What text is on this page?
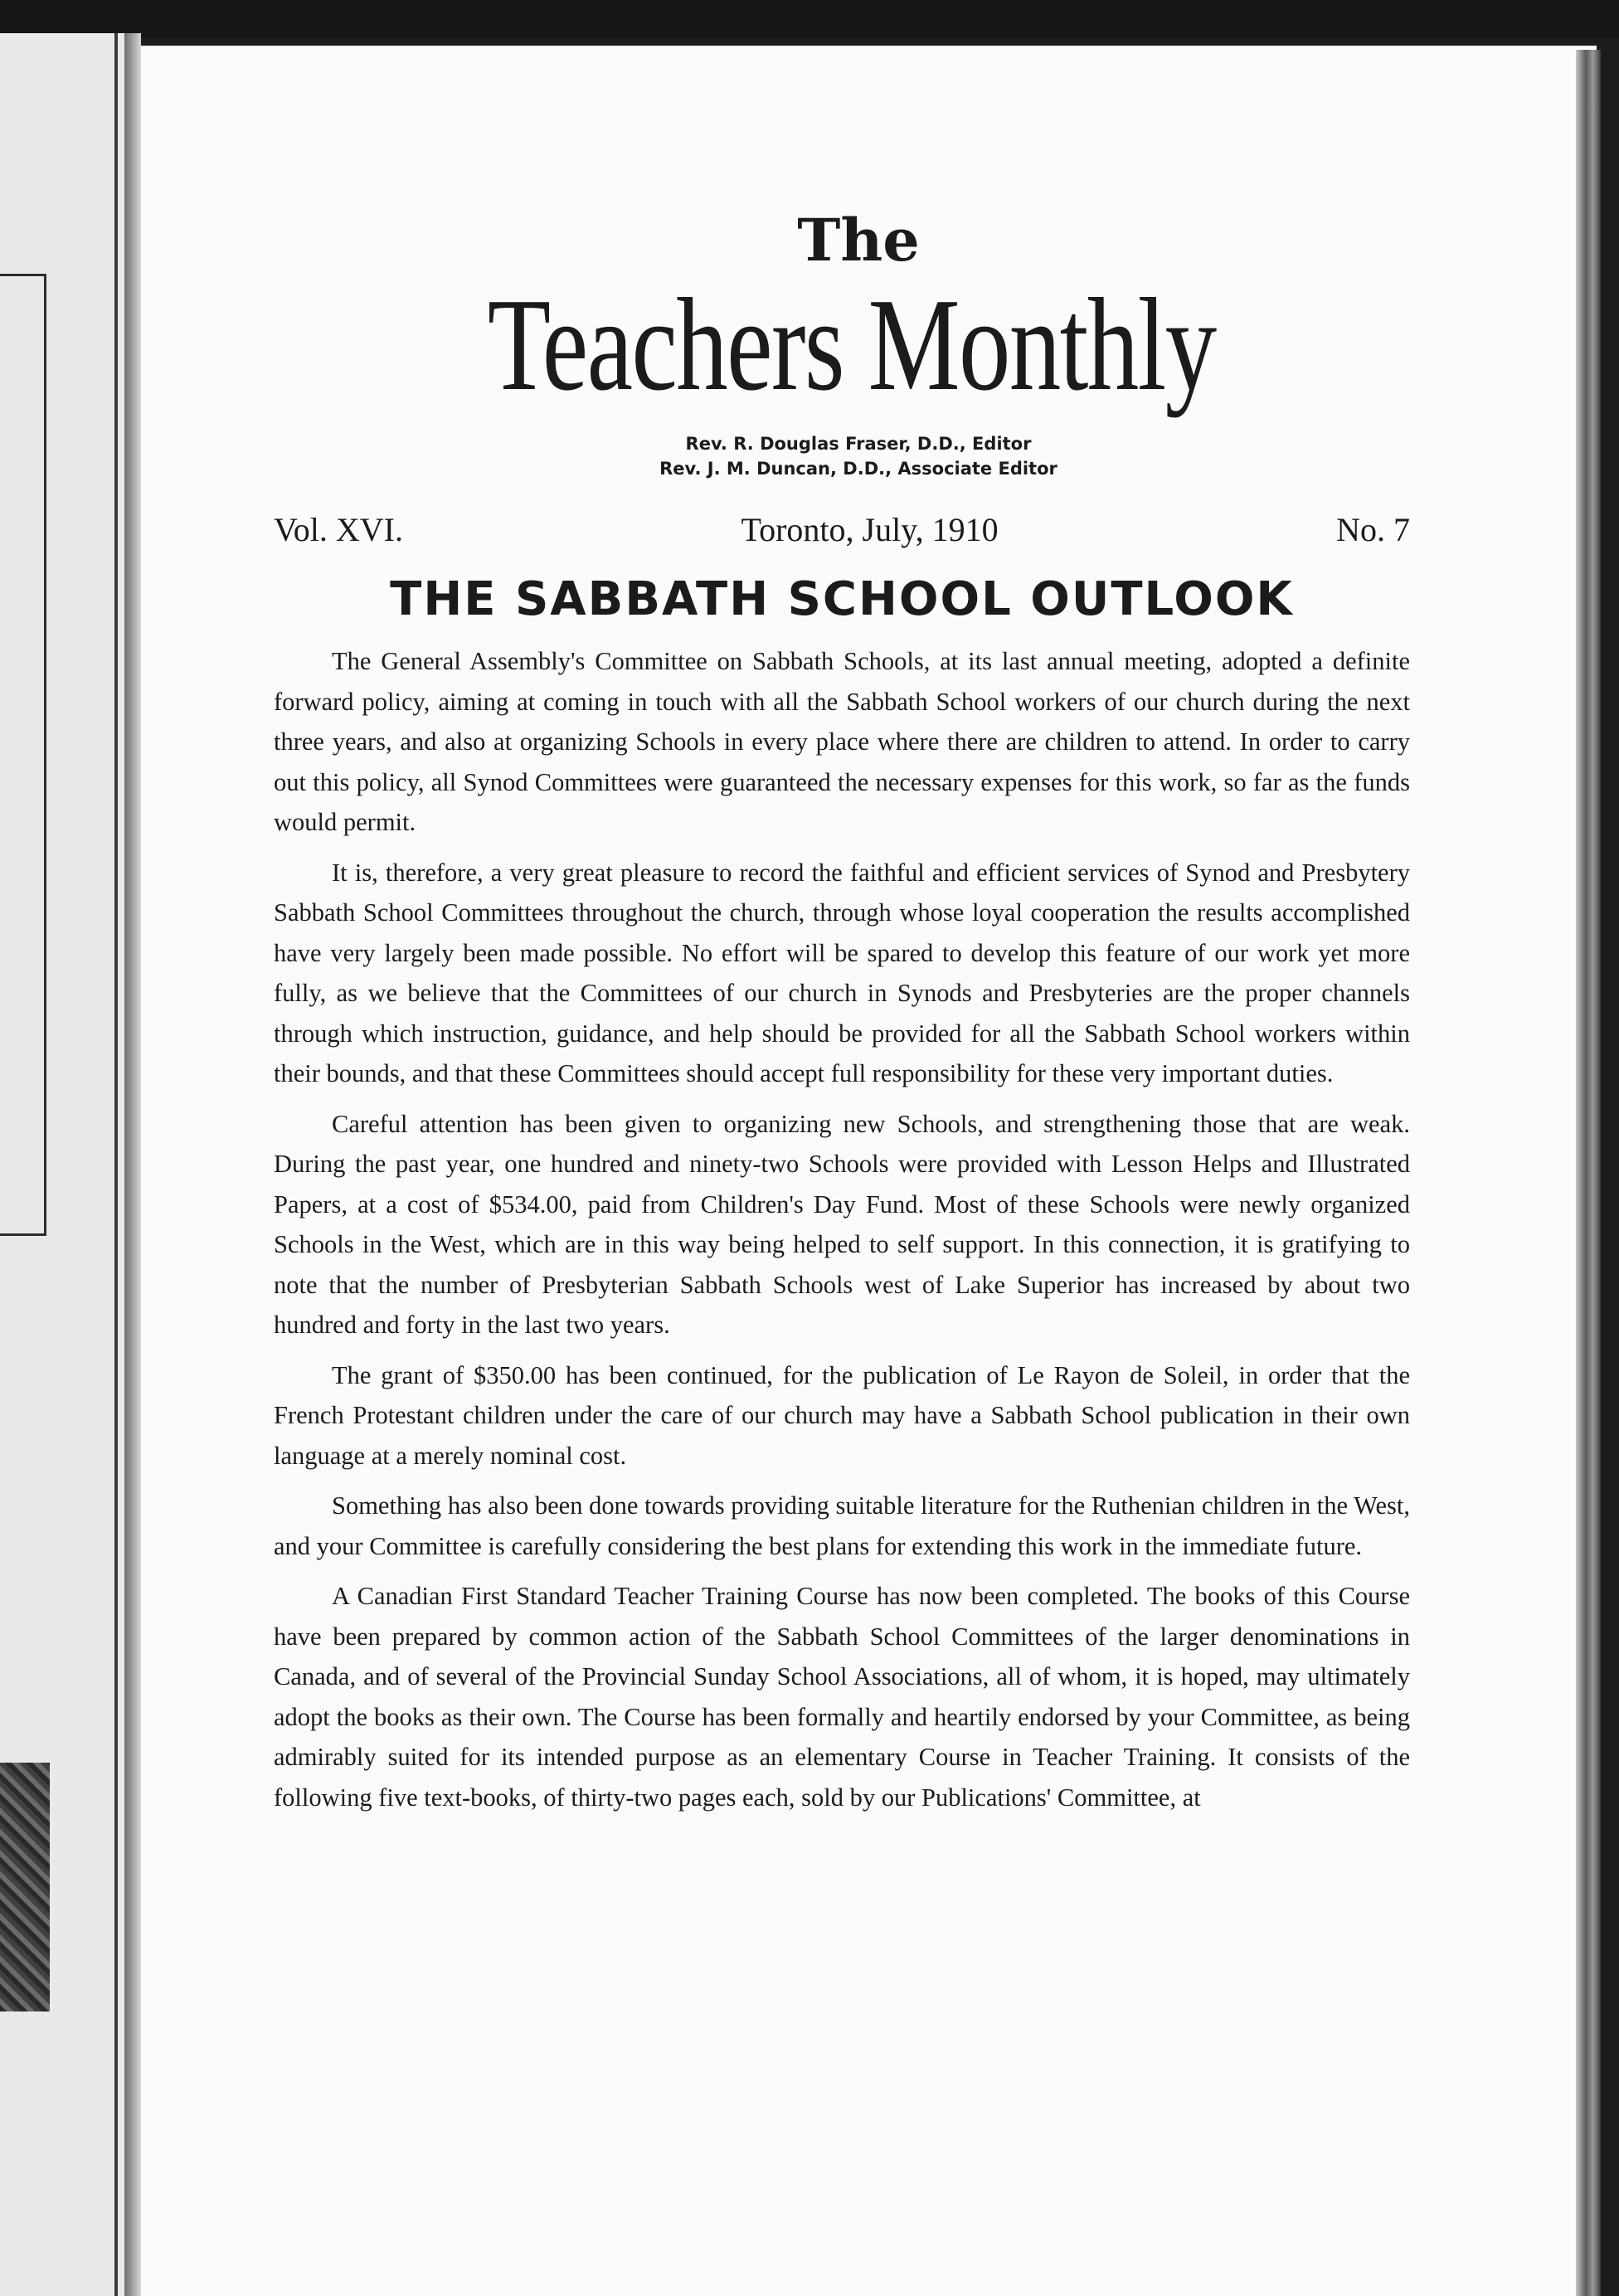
The
Teachers Monthly
Rev. R. Douglas Fraser, D.D., Editor
Rev. J. M. Duncan, D.D., Associate Editor
Vol. XVI.	Toronto, July, 1910	No. 7
THE SABBATH SCHOOL OUTLOOK

The General Assembly's Committee on Sabbath Schools, at its last annual meeting, adopted a definite forward policy, aiming at coming in touch with all the Sabbath School workers of our church during the next three years, and also at organizing Schools in every place where there are children to attend. In order to carry out this policy, all Synod Committees were guaranteed the necessary expenses for this work, so far as the funds would permit.

It is, therefore, a very great pleasure to record the faithful and efficient services of Synod and Presbytery Sabbath School Committees throughout the church, through whose loyal cooperation the results accomplished have very largely been made possible. No effort will be spared to develop this feature of our work yet more fully, as we believe that the Committees of our church in Synods and Presbyteries are the proper channels through which instruction, guidance, and help should be provided for all the Sabbath School workers within their bounds, and that these Committees should accept full responsibility for these very important duties.

Careful attention has been given to organizing new Schools, and strengthening those that are weak. During the past year, one hundred and ninety-two Schools were provided with Lesson Helps and Illustrated Papers, at a cost of $534.00, paid from Children's Day Fund. Most of these Schools were newly organized Schools in the West, which are in this way being helped to self support. In this connection, it is gratifying to note that the number of Presbyterian Sabbath Schools west of Lake Superior has increased by about two hundred and forty in the last two years.

The grant of $350.00 has been continued, for the publication of Le Rayon de Soleil, in order that the French Protestant children under the care of our church may have a Sabbath School publication in their own language at a merely nominal cost.

Something has also been done towards providing suitable literature for the Ruthenian children in the West, and your Committee is carefully considering the best plans for extending this work in the immediate future.

A Canadian First Standard Teacher Training Course has now been completed. The books of this Course have been prepared by common action of the Sabbath School Committees of the larger denominations in Canada, and of several of the Provincial Sunday School Associations, all of whom, it is hoped, may ultimately adopt the books as their own. The Course has been formally and heartily endorsed by your Committee, as being admirably suited for its intended purpose as an elementary Course in Teacher Training. It consists of the following five text-books, of thirty-two pages each, sold by our Publications' Committee, at
